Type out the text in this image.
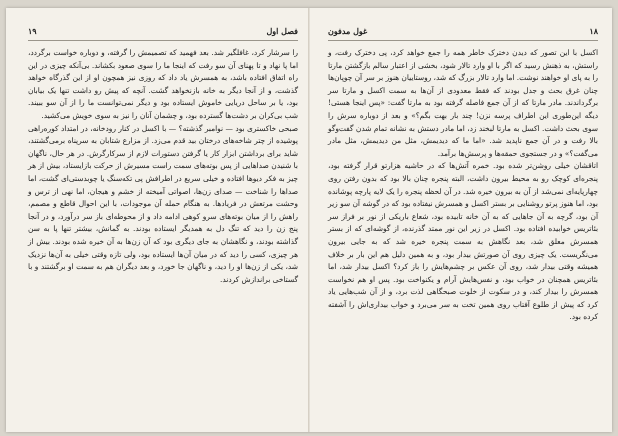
فصل اول
۱۹

را سرشار کرد، غافلگیر شد. بعد فهمید که تصمیمش را گرفته، و دوباره خواست برگردد، اما پا نهاد و تا پهنای آن سو رفت که اینجا ما را سوی صعود بکشاند. بی‌آنکه چیزی در این راه اتفاق افتاده باشد، به همسرش یاد داد که روزی نیز همچون او از این گذرگاه خواهد گذشت، و از آنجا دیگر به خانه بازنخواهد گشت. آنچه که پیش رو داشت تنها یک بیابان بود، یا بر ساحل دریایی خاموش ایستاده بود و دیگر نمی‌توانست ما را از آن سو ببیند. شب بی‌کران بر دشت‌ها گسترده بود، و چشمان آنان را نیز به سوی خویش می‌کشید.

صبحی خاکستری بود — نوامبر گذشته؟ — با اکسل در کنار رودخانه، در امتداد کوره‌راهی پوشیده از چتر شاخه‌های درختان بید قدم می‌زد. از مزارع شتابان به سرپناه برمی‌گشتند، شاید برای برداشتن ابزار کار یا گرفتن دستورات لازم از سرکارگرش. در هر حال، ناگهان با شنیدن صداهایی از پس بوته‌های سمت راست مسیرش از حرکت بازایستاد، بیش از هر چیز به فکر دیوها افتاده و خیلی سریع در اطرافش پی تکه‌سنگ یا چوبدستی‌ای گشت، اما صداها را شناخت — صدای زن‌ها، اصواتی آمیخته از خشم و هیجان، اما نهی از ترس و وحشت مرتعش در فریادها. به هنگام حمله آن موجودات، با این احوال قاطع و مصمم، راهش را از میان بوته‌های سرو کوهی ادامه داد و از محوطه‌ای باز سر درآورد، و در آنجا پنج زن را دید که تنگ دل به همدیگر ایستاده بودند. به گمانش، بیشتر تنها پا به سن گذاشته بودند، و نگاهشان به جای دیگری بود که آن زن‌ها به آن خیره شده بودند. بیش از هر چیزی، کسی را دید که در میان آن‌ها ایستاده بود، ولی تازه وقتی خیلی به آن‌ها نزدیک شد، یکی از زن‌ها او را دید، و ناگهان جا خورد، و بعد دیگران هم به سمت او برگشتند و با گستاخی براندازش کردند.

۱۸
غول مدفون

اکسل با این تصور که دیدن دخترک خاطر همه را جمع خواهد کرد، پی دخترک رفت، و راستش، به ذهنش رسید که اگر با او وارد تالار شود، بخشی از اعتبار سالم بازگشتن مارتا را به پای او خواهند نوشت. اما وارد تالار بزرگ که شد، روستاییان هنوز بر سر آن چوپان‌ها چنان غرق بحث و جدل بودند که فقط معدودی از آن‌ها به سمت اکسل و مارتا سر برگرداندند. مادر مارتا که از آن جمع فاصله گرفته بود به مارتا گفت: «پس اینجا هستی! دیگه این‌طوری این اطراف پرسه نزن! چند بار بهت بگم؟» و بعد از دوباره سرش را سوی بحث داشت. اکسل به مارتا لبخند زد، اما مادر دستش به نشانه تمام شدن گفت‌وگو بالا رفت و در آن جمع ناپدید شد. «اما ما که دیدیمش، مثل من دیدیمش، مثل مادر می‌گفت؟» و در جستجوی حمقه‌ها و پرسش‌ها برآمد.

اتاقشان خیلی روشن‌تر شده بود. خمره آتش‌ها که در حاشیه هزارتو قرار گرفته بود، پنجره‌ای کوچک رو به محیط بیرون داشت، البته پنجره چنان بالا بود که بدون رفتن روی چهارپایه‌ای نمی‌شد از آن به بیرون خیره شد. در آن لحظه پنجره را یک لایه پارچه پوشانده بود، اما هنوز پرتو روشنایی بر بستر اکسل و همسرش نیفتاده بود که در گوشه آن سو زیر آن بود، گرچه به آن جاهایی که به آن خانه تابیده بود، شعاع باریکی از نور بر فراز سر بئاتریس خوابیده افتاده بود. اکسل در زیر این نور ممتد گذرنده، از گوشه‌ای که از بستر همسرش معلق شد، بعد نگاهش به سمت پنجره خیره شد که به جایی بیرون می‌نگریست. یک چیزی روی آن صورتش بیدار بود، و به همین دلیل هم این بار بر خلاف همیشه وقتی بیدار شد، روی آن عکس بر چشم‌هایش را باز کرد؟ اکسل بیدار شد، اما بئاتریس همچنان در خواب بود، و نفس‌هایش آرام و یکنواخت بود. پس او هم نخواست همسرش را بیدار کند، و در سکوت از خلوت صبحگاهی لذت برد، و از آن شب‌هایی یاد کرد که پیش از طلوع آفتاب روی همین تخت به سر می‌برد و خواب بیداری‌اش را آشفته کرده بود.
